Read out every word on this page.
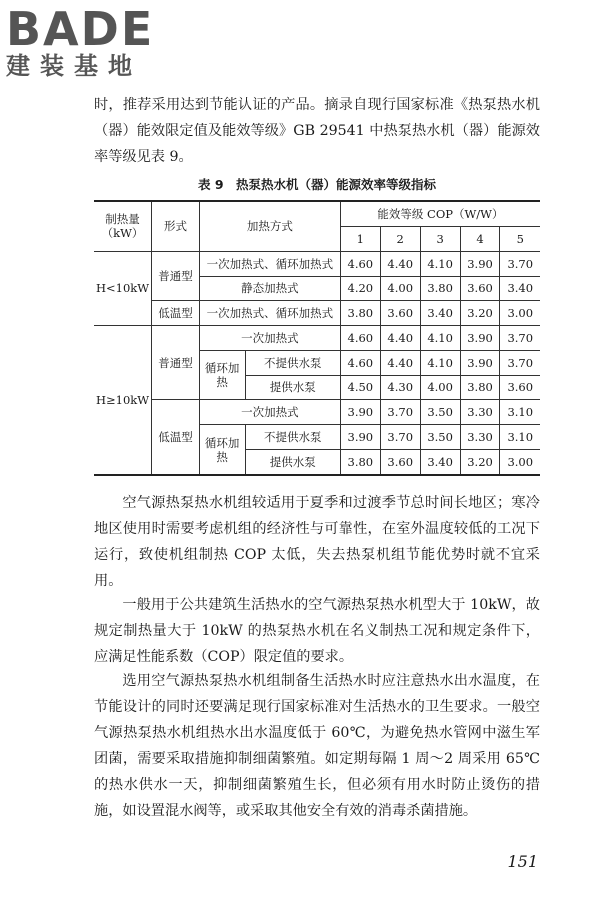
BADE
建装基地

时，推荐采用达到节能认证的产品。摘录自现行国家标准《热泵热水机（器）能效限定值及能效等级》GB 29541 中热泵热水机（器）能源效率等级见表 9。

表 9　热泵热水机（器）能源效率等级指标
制热量（kW）	形式	加热方式		能效等级 COP（W/W）				
				1	2	3	4	5
H<10kW	普通型	一次加热式、循环加热式		4.60	4.40	4.10	3.90	3.70
		静态加热式		4.20	4.00	3.80	3.60	3.40
	低温型	一次加热式、循环加热式		3.80	3.60	3.40	3.20	3.00
H≥10kW	普通型	一次加热式		4.60	4.40	4.10	3.90	3.70
		循环加热	不提供水泵	4.60	4.40	4.10	3.90	3.70
			提供水泵	4.50	4.30	4.00	3.80	3.60
	低温型	一次加热式		3.90	3.70	3.50	3.30	3.10
		循环加热	不提供水泵	3.90	3.70	3.50	3.30	3.10
			提供水泵	3.80	3.60	3.40	3.20	3.00

空气源热泵热水机组较适用于夏季和过渡季节总时间长地区；寒冷地区使用时需要考虑机组的经济性与可靠性，在室外温度较低的工况下运行，致使机组制热 COP 太低，失去热泵机组节能优势时就不宜采用。

一般用于公共建筑生活热水的空气源热泵热水机型大于 10kW，故规定制热量大于 10kW 的热泵热水机在名义制热工况和规定条件下，应满足性能系数（COP）限定值的要求。

选用空气源热泵热水机组制备生活热水时应注意热水出水温度，在节能设计的同时还要满足现行国家标准对生活热水的卫生要求。一般空气源热泵热水机组热水出水温度低于 60℃，为避免热水管网中滋生军团菌，需要采取措施抑制细菌繁殖。如定期每隔 1 周～2 周采用 65℃ 的热水供水一天，抑制细菌繁殖生长，但必须有用水时防止烫伤的措施，如设置混水阀等，或采取其他安全有效的消毒杀菌措施。

151
